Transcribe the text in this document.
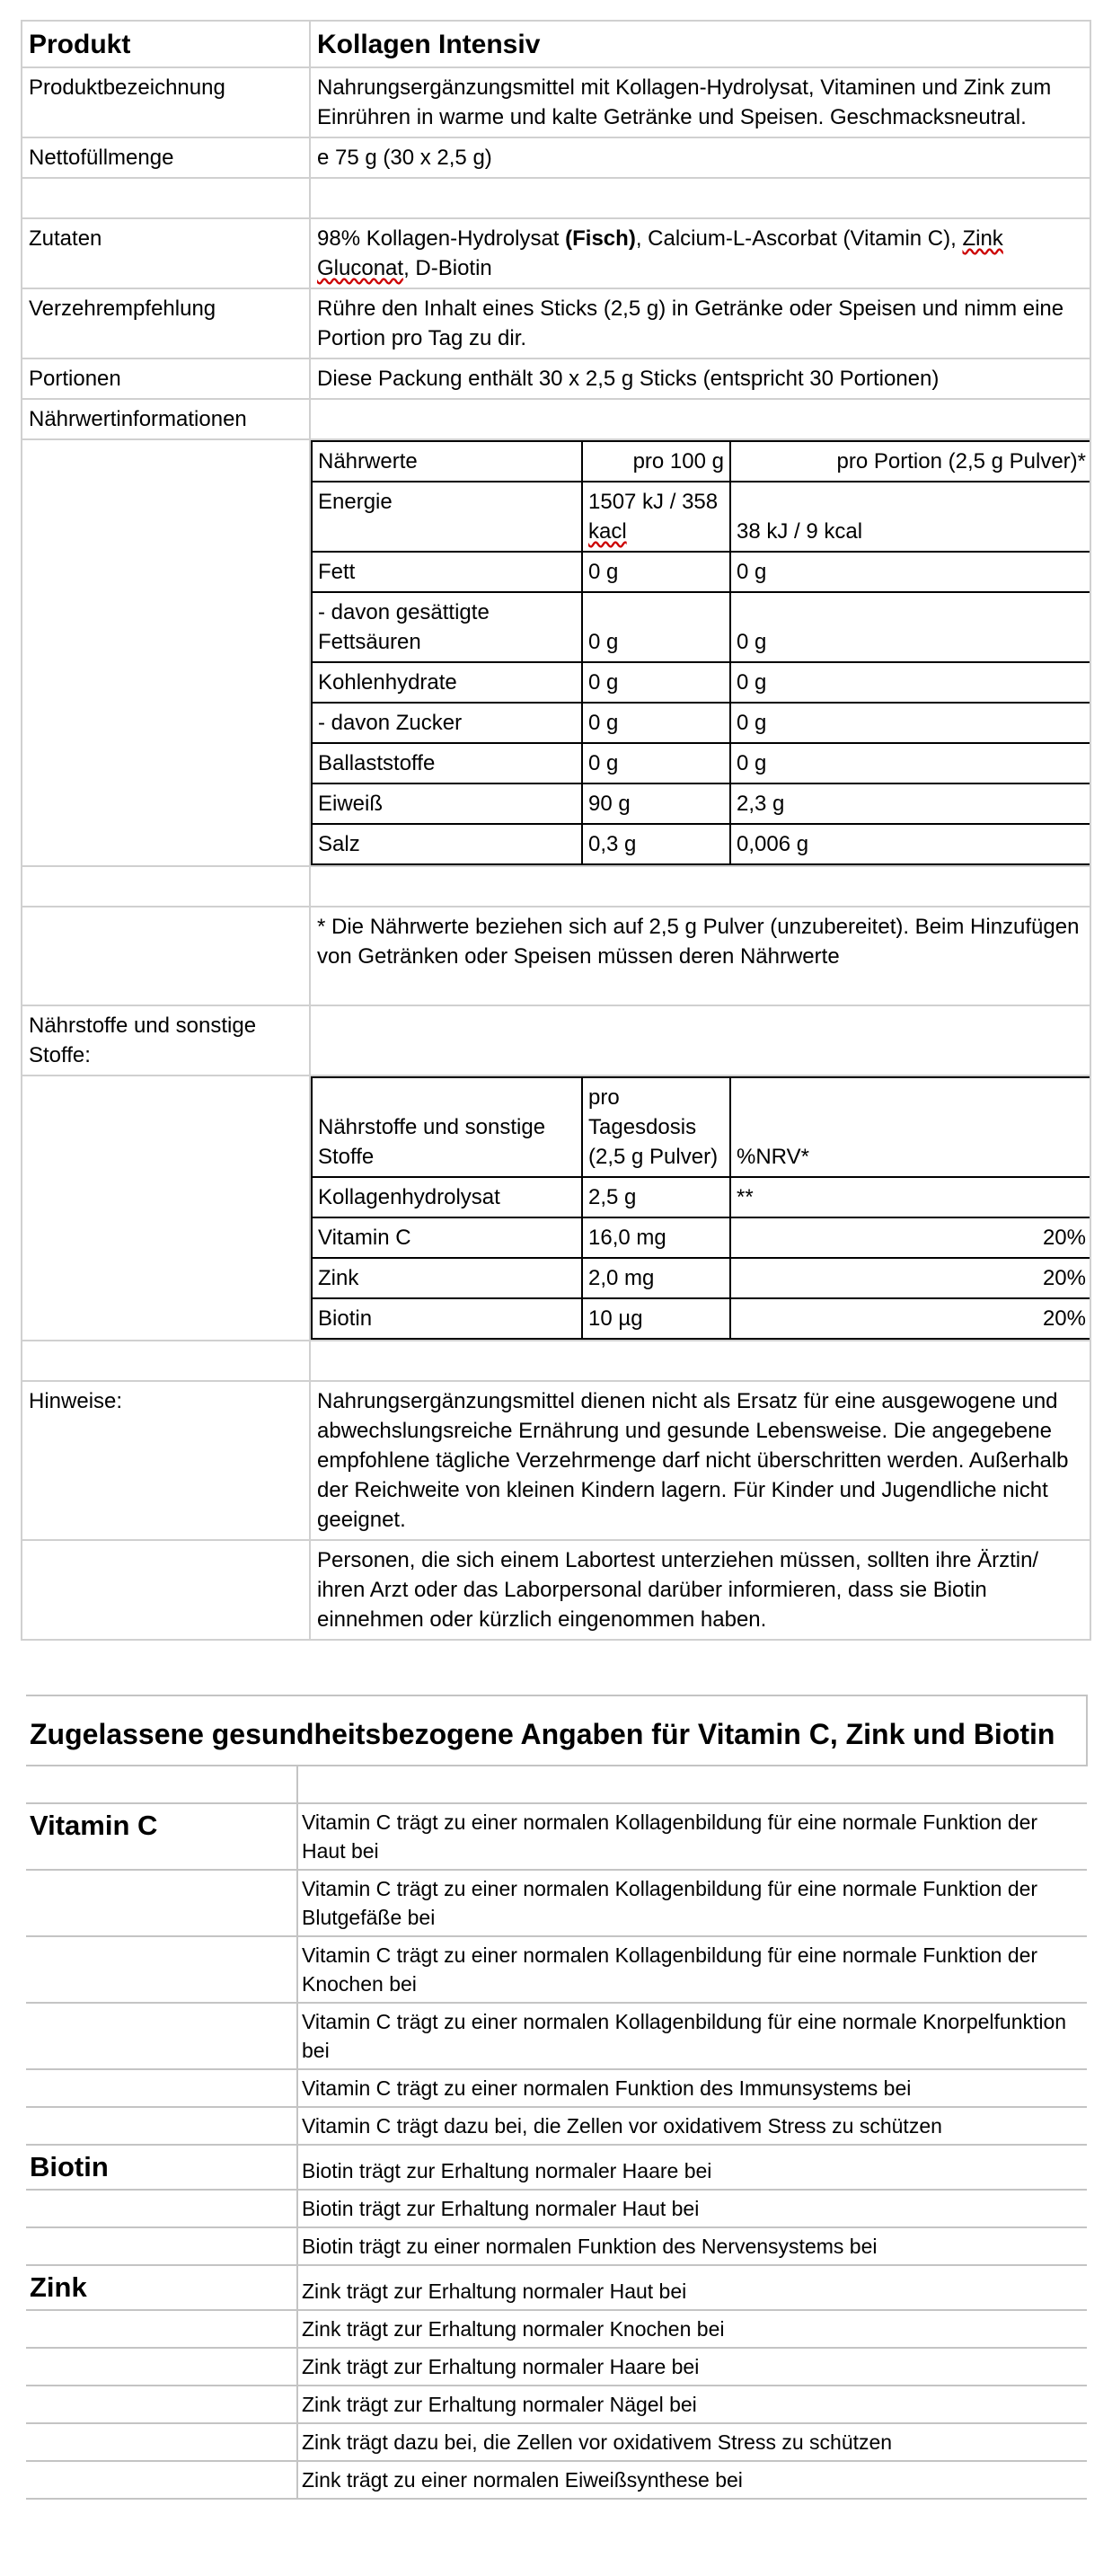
Produkt	Kollagen Intensiv
Produktbezeichnung	Nahrungsergänzungsmittel mit Kollagen-Hydrolysat, Vitaminen und Zink zum Einrühren in warme und kalte Getränke und Speisen. Geschmacksneutral.
Nettofüllmenge	e 75 g (30 x 2,5 g)

Zutaten	98% Kollagen-Hydrolysat (Fisch), Calcium-L-Ascorbat (Vitamin C), Zink Gluconat, D-Biotin
Verzehrempfehlung	Rühre den Inhalt eines Sticks (2,5 g) in Getränke oder Speisen und nimm eine Portion pro Tag zu dir.
Portionen	Diese Packung enthält 30 x 2,5 g Sticks (entspricht 30 Portionen)
Nährwertinformationen	

Nährwerte	pro 100 g	pro Portion (2,5 g Pulver)*
Energie	1507 kJ / 358 kacl	38 kJ / 9 kcal
Fett	0 g	0 g
- davon gesättigte Fettsäuren	0 g	0 g
Kohlenhydrate	0 g	0 g
- davon Zucker	0 g	0 g
Ballaststoffe	0 g	0 g
Eiweiß	90 g	2,3 g
Salz	0,3 g	0,006 g

	* Die Nährwerte beziehen sich auf 2,5 g Pulver (unzubereitet). Beim Hinzufügen von Getränken oder Speisen müssen deren Nährwerte
Nährstoffe und sonstige Stoffe:	

Nährstoffe und sonstige Stoffe	pro Tagesdosis (2,5 g Pulver)	%NRV*
Kollagenhydrolysat	2,5 g	**
Vitamin C	16,0 mg	20%
Zink	2,0 mg	20%
Biotin	10 µg	20%

Hinweise:	Nahrungsergänzungsmittel dienen nicht als Ersatz für eine ausgewogene und abwechslungsreiche Ernährung und gesunde Lebensweise. Die angegebene empfohlene tägliche Verzehrmenge darf nicht überschritten werden. Außerhalb der Reichweite von kleinen Kindern lagern. Für Kinder und Jugendliche nicht geeignet.
	Personen, die sich einem Labortest unterziehen müssen, sollten ihre Ärztin/ ihren Arzt oder das Laborpersonal darüber informieren, dass sie Biotin einnehmen oder kürzlich eingenommen haben.
Zugelassene gesundheitsbezogene Angaben für Vitamin C, Zink und Biotin	

Vitamin C	Vitamin C trägt zu einer normalen Kollagenbildung für eine normale Funktion der Haut bei
	Vitamin C trägt zu einer normalen Kollagenbildung für eine normale Funktion der Blutgefäße bei
	Vitamin C trägt zu einer normalen Kollagenbildung für eine normale Funktion der Knochen bei
	Vitamin C trägt zu einer normalen Kollagenbildung für eine normale Knorpelfunktion bei
	Vitamin C trägt zu einer normalen Funktion des Immunsystems bei
	Vitamin C trägt dazu bei, die Zellen vor oxidativem Stress zu schützen
Biotin	Biotin trägt zur Erhaltung normaler Haare bei
	Biotin trägt zur Erhaltung normaler Haut bei
	Biotin trägt zu einer normalen Funktion des Nervensystems bei
Zink	Zink trägt zur Erhaltung normaler Haut bei
	Zink trägt zur Erhaltung normaler Knochen bei
	Zink trägt zur Erhaltung normaler Haare bei
	Zink trägt zur Erhaltung normaler Nägel bei
	Zink trägt dazu bei, die Zellen vor oxidativem Stress zu schützen
	Zink trägt zu einer normalen Eiweißsynthese bei
